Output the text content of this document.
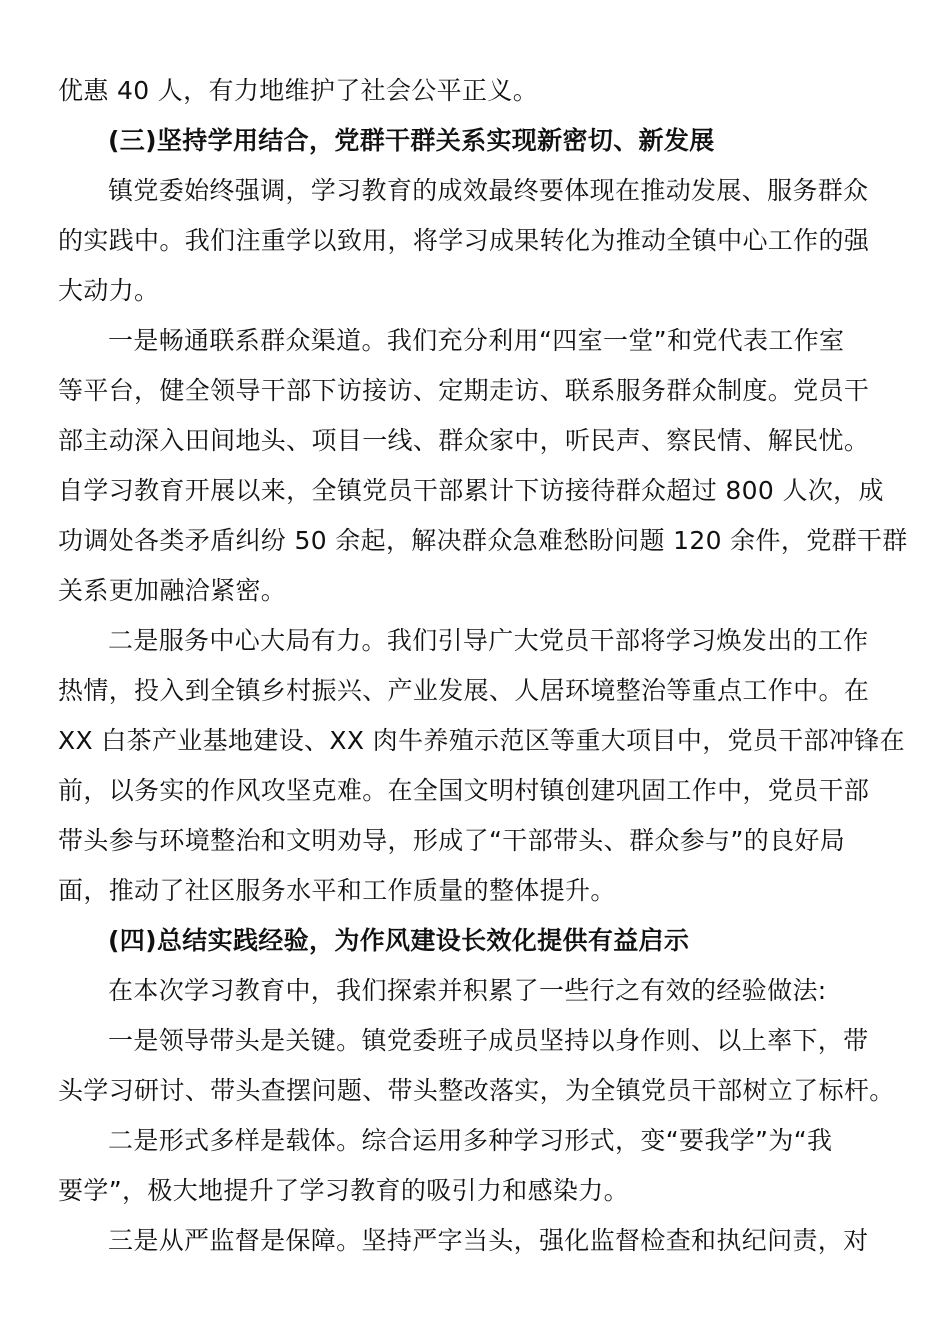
优惠 40 人，有力地维护了社会公平正义。
(三)坚持学用结合，党群干群关系实现新密切、新发展
镇党委始终强调，学习教育的成效最终要体现在推动发展、服务群众
的实践中。我们注重学以致用，将学习成果转化为推动全镇中心工作的强
大动力。
一是畅通联系群众渠道。我们充分利用“四室一堂”和党代表工作室
等平台，健全领导干部下访接访、定期走访、联系服务群众制度。党员干
部主动深入田间地头、项目一线、群众家中，听民声、察民情、解民忧。
自学习教育开展以来，全镇党员干部累计下访接待群众超过 800 人次，成
功调处各类矛盾纠纷 50 余起，解决群众急难愁盼问题 120 余件，党群干群
关系更加融洽紧密。
二是服务中心大局有力。我们引导广大党员干部将学习焕发出的工作
热情，投入到全镇乡村振兴、产业发展、人居环境整治等重点工作中。在
XX 白茶产业基地建设、XX 肉牛养殖示范区等重大项目中，党员干部冲锋在
前，以务实的作风攻坚克难。在全国文明村镇创建巩固工作中，党员干部
带头参与环境整治和文明劝导，形成了“干部带头、群众参与”的良好局
面，推动了社区服务水平和工作质量的整体提升。
(四)总结实践经验，为作风建设长效化提供有益启示
在本次学习教育中，我们探索并积累了一些行之有效的经验做法:
一是领导带头是关键。镇党委班子成员坚持以身作则、以上率下，带
头学习研讨、带头查摆问题、带头整改落实，为全镇党员干部树立了标杆。
二是形式多样是载体。综合运用多种学习形式，变“要我学”为“我
要学”，极大地提升了学习教育的吸引力和感染力。
三是从严监督是保障。坚持严字当头，强化监督检查和执纪问责，对
